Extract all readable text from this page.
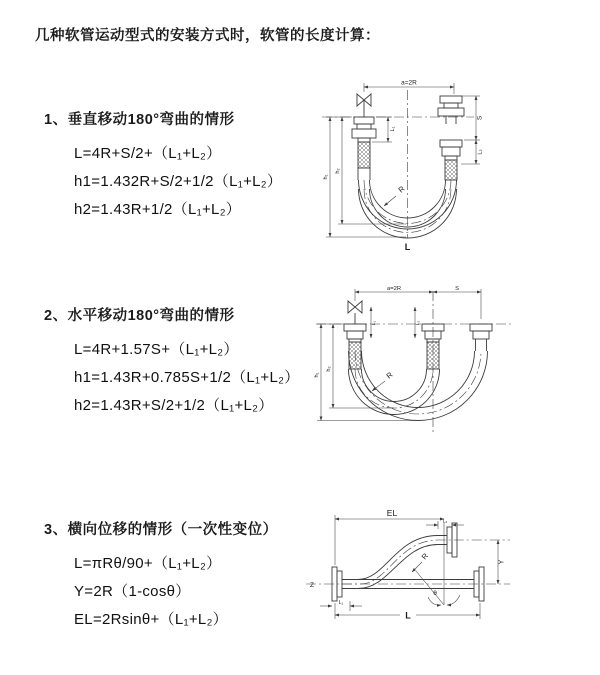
几种软管运动型式的安装方式时，软管的长度计算：
1、垂直移动180°弯曲的情形
L=4R+S/2+（L₁+L₂）
h1=1.432R+S/2+1/2（L₁+L₂）
h2=1.43R+1/2（L₁+L₂）
2、水平移动180°弯曲的情形
L=4R+1.57S+（L₁+L₂）
h1=1.43R+0.785S+1/2（L₁+L₂）
h2=1.43R+S/2+1/2（L₁+L₂）
3、横向位移的情形（一次性变位）
L=πRθ/90+（L₁+L₂）
Y=2R（1-cosθ）
EL=2Rsinθ+（L₁+L₂）
a=2R
L₁
S
L₂
h₁
h₂
R
L
a=2R	S
L₁	L₂
h₁
h₂
R
EL
L₂
Y
L
L₁
θ
R
Z
